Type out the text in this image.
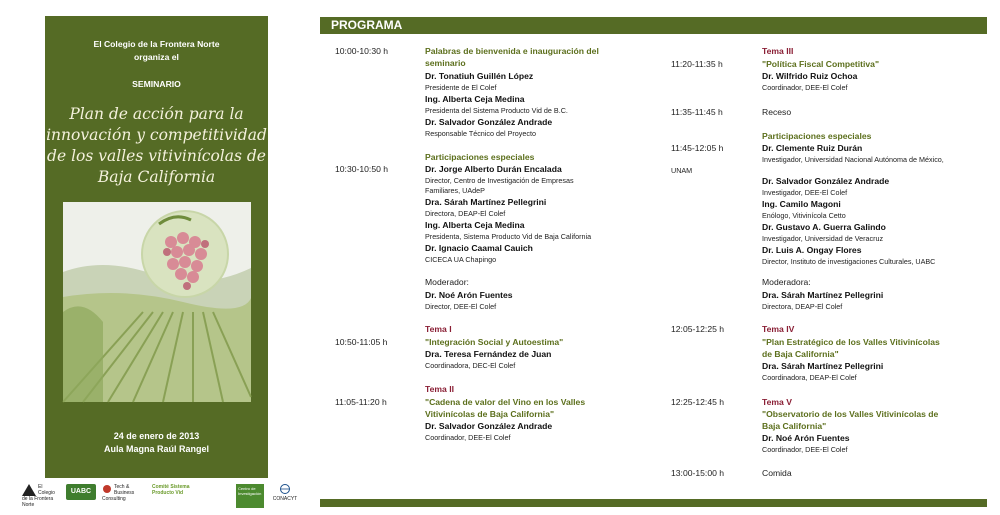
El Colegio de la Frontera Norte
organiza el
SEMINARIO
Plan de acción para la
innovación y competitividad
de los valles vitivinícolas de
Baja California
24 de enero de 2013
Aula Magna Raúl Rangel
El Colegio de la Frontera Norte
UABC
Tech & Business Consulting
Comité Sistema Producto Vid
Centro de Investigación
CONACYT
PROGRAMA
10:00-10:30 h	Palabras de bienvenida e inauguración del seminario
Dr. Tonatiuh Guillén López
Presidente de El Colef
Ing. Alberta Ceja Medina
Presidenta del Sistema Producto Vid de B.C.
Dr. Salvador González Andrade
Responsable Técnico del Proyecto
Participaciones especiales
10:30-10:50 h	Dr. Jorge Alberto Durán Encalada
Director, Centro de Investigación de Empresas
Familiares, UAdeP
Dra. Sárah Martínez Pellegrini
Directora, DEAP-El Colef
Ing. Alberta Ceja Medina
Presidenta, Sistema Producto Vid de Baja California
Dr. Ignacio Caamal Cauich
CICECA UA Chapingo
Moderador:
Dr. Noé Arón Fuentes
Director, DEE-El Colef
Tema I
10:50-11:05 h	"Integración Social y Autoestima"
Dra. Teresa Fernández de Juan
Coordinadora, DEC-El Colef
Tema II
11:05-11:20 h	"Cadena de valor del Vino en los Valles
Vitivinícolas de Baja California"
Dr. Salvador González Andrade
Coordinador, DEE-El Colef
Tema III
11:20-11:35 h	"Política Fiscal Competitiva"
Dr. Wilfrido Ruiz Ochoa
Coordinador, DEE-El Colef
11:35-11:45 h	Receso
Participaciones especiales
11:45-12:05 h	Dr. Clemente Ruiz Durán
Investigador, Universidad Nacional Autónoma de México,
UNAM
Dr. Salvador González Andrade
Investigador, DEE-El Colef
Ing. Camilo Magoni
Enólogo, Vitivinícola Cetto
Dr. Gustavo A. Guerra Galindo
Investigador, Universidad de Veracruz
Dr. Luis A. Ongay Flores
Director, Instituto de investigaciones Culturales, UABC
Moderadora:
Dra. Sárah Martínez Pellegrini
Directora, DEAP-El Colef
Tema IV
12:05-12:25 h
"Plan Estratégico de los Valles Vitivinícolas
de Baja California"
Dra. Sárah Martínez Pellegrini
Coordinadora, DEAP-El Colef
Tema V
12:25-12:45 h
"Observatorio de los Valles Vitivinícolas de
Baja California"
Dr. Noé Arón Fuentes
Coordinador, DEE-El Colef
13:00-15:00 h	Comida
